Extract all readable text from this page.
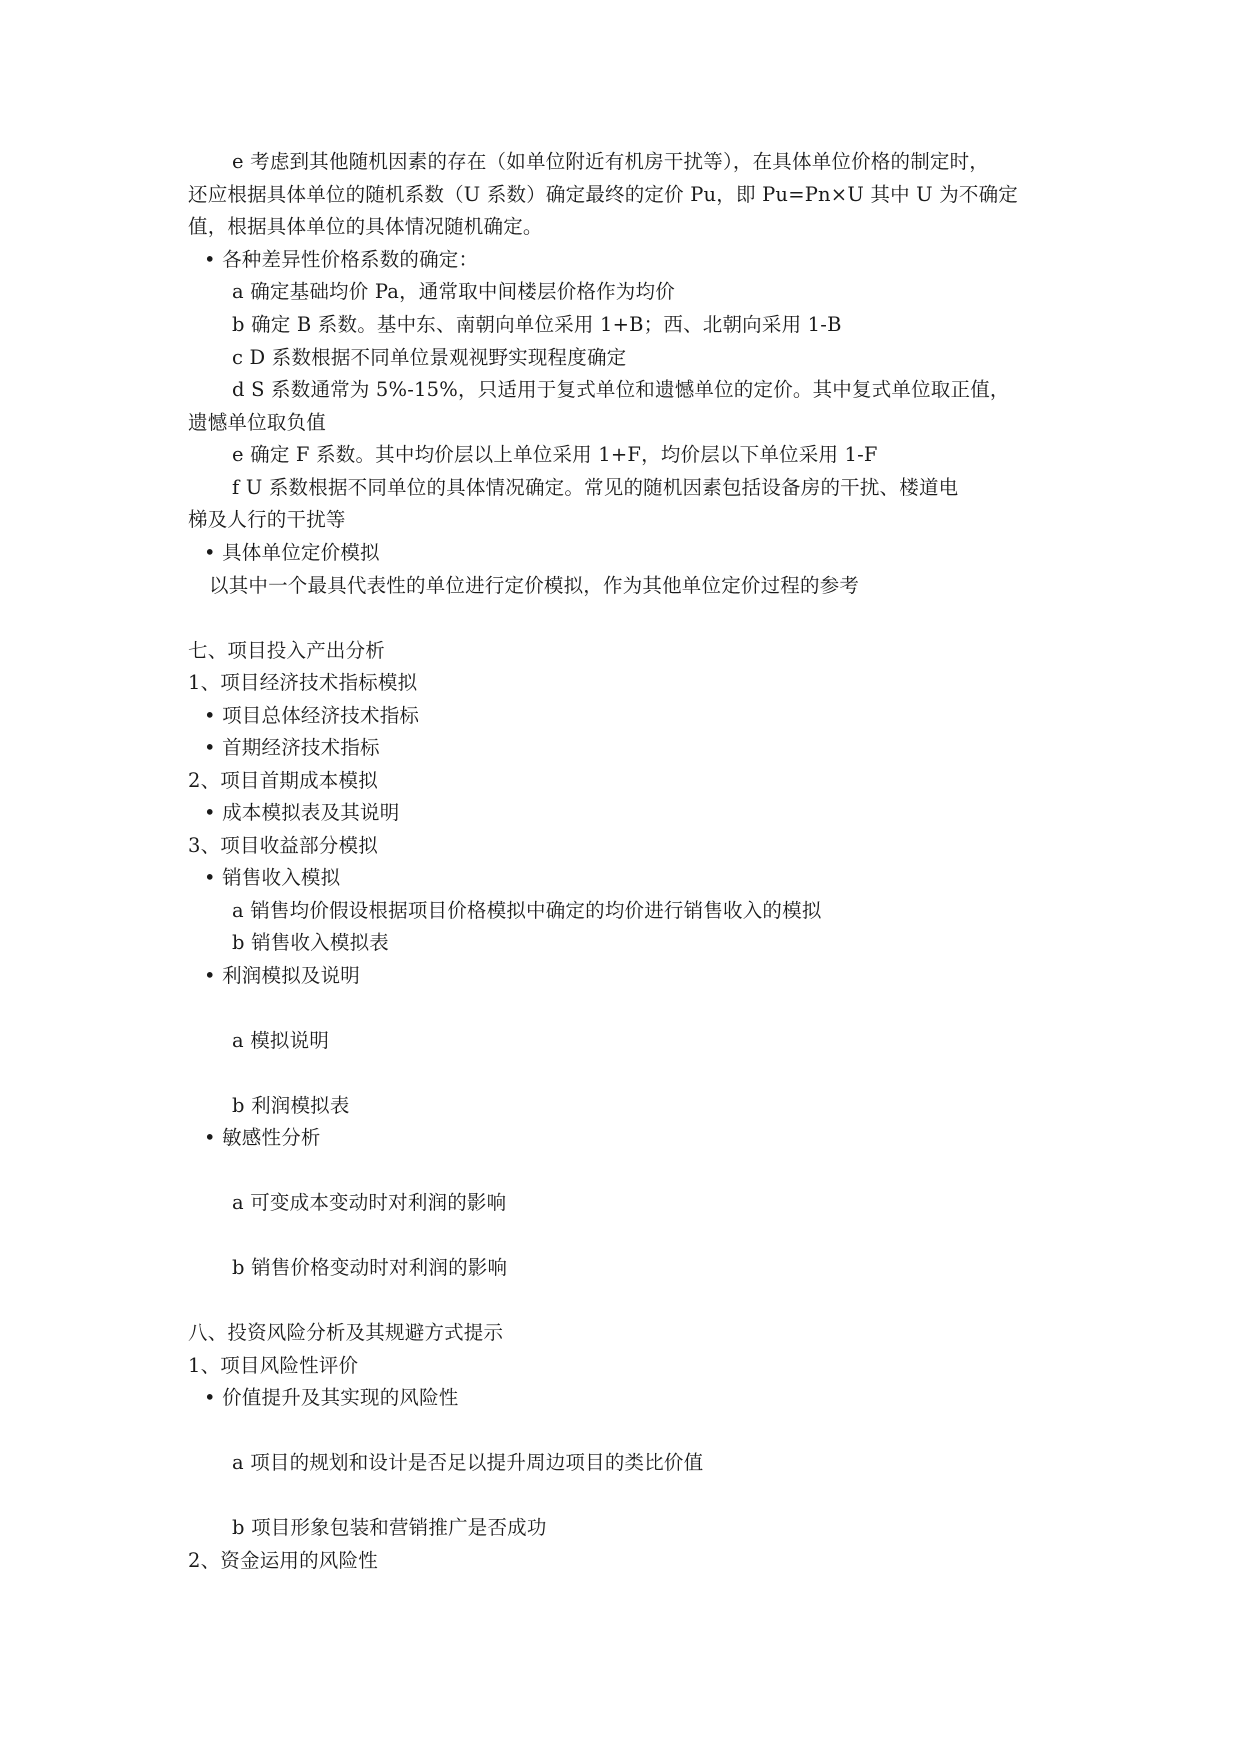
e 考虑到其他随机因素的存在（如单位附近有机房干扰等），在具体单位价格的制定时，
还应根据具体单位的随机系数（U 系数）确定最终的定价 Pu，即 Pu=Pn×U 其中 U 为不确定
值，根据具体单位的具体情况随机确定。
• 各种差异性价格系数的确定：
a 确定基础均价 Pa，通常取中间楼层价格作为均价
b 确定 B 系数。基中东、南朝向单位采用 1+B；西、北朝向采用 1-B
c D 系数根据不同单位景观视野实现程度确定
d S 系数通常为 5%-15%，只适用于复式单位和遗憾单位的定价。其中复式单位取正值，
遗憾单位取负值
e 确定 F 系数。其中均价层以上单位采用 1+F，均价层以下单位采用 1-F
f U 系数根据不同单位的具体情况确定。常见的随机因素包括设备房的干扰、楼道电
梯及人行的干扰等
• 具体单位定价模拟
以其中一个最具代表性的单位进行定价模拟，作为其他单位定价过程的参考
七、项目投入产出分析
1、项目经济技术指标模拟
• 项目总体经济技术指标
• 首期经济技术指标
2、项目首期成本模拟
• 成本模拟表及其说明
3、项目收益部分模拟
• 销售收入模拟
a 销售均价假设根据项目价格模拟中确定的均价进行销售收入的模拟
b 销售收入模拟表
• 利润模拟及说明
a 模拟说明
b 利润模拟表
• 敏感性分析
a 可变成本变动时对利润的影响
b 销售价格变动时对利润的影响
八、投资风险分析及其规避方式提示
1、项目风险性评价
• 价值提升及其实现的风险性
a 项目的规划和设计是否足以提升周边项目的类比价值
b 项目形象包装和营销推广是否成功
2、资金运用的风险性
